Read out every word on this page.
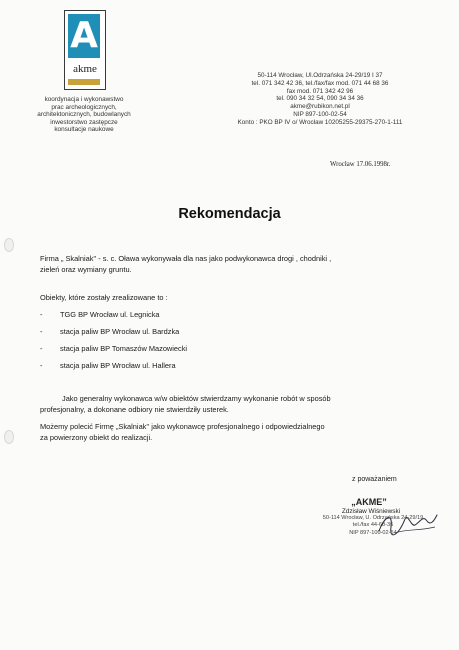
A
akme
koordynacja i wykonawstwo
prac archeologicznych,
architektonicznych, budowlanych
inwestorstwo zastępcze
konsultacje naukowe
50-114 Wrocław, Ul.Odrzańska 24-29/19 I 37
tel. 071 342 42 36, tel./fax/fax mod. 071 44 68 36
fax mod. 071 342 42 96
tel. 090 34 32 54, 090 34 34 36
akme@rubikon.net.pl
NIP 897-100-02-54
Konto : PKO BP IV o/ Wrocław 10205255-29375-270-1-111
Wrocław 17.06.1998r.
Rekomendacja
Firma „ Skalniak'' - s. c. Oława wykonywała dla nas jako podwykonawca drogi , chodniki ,
zieleń oraz wymiany gruntu.
Obiekty, które zostały zrealizowane to :
- TGG BP Wrocław ul. Legnicka
- stacja paliw BP Wrocław ul. Bardzka
- stacja paliw BP Tomaszów Mazowiecki
- stacja paliw BP Wrocław ul. Hallera
Jako generalny wykonawca w/w obiektów stwierdzamy wykonanie robót w sposób
profesjonalny, a dokonane odbiory nie stwierdziły usterek.
Możemy polecić Firmę „Skalniak'' jako wykonawcę profesjonalnego i odpowiedzialnego
za powierzony obiekt do realizacji.
z poważaniem
„AKME”
Zdzisław Wiśniewski
50-114 Wrocław, U. Odrzańska 24-29/19
tel./fax 44-68-36
NIP 897-100-02-54
